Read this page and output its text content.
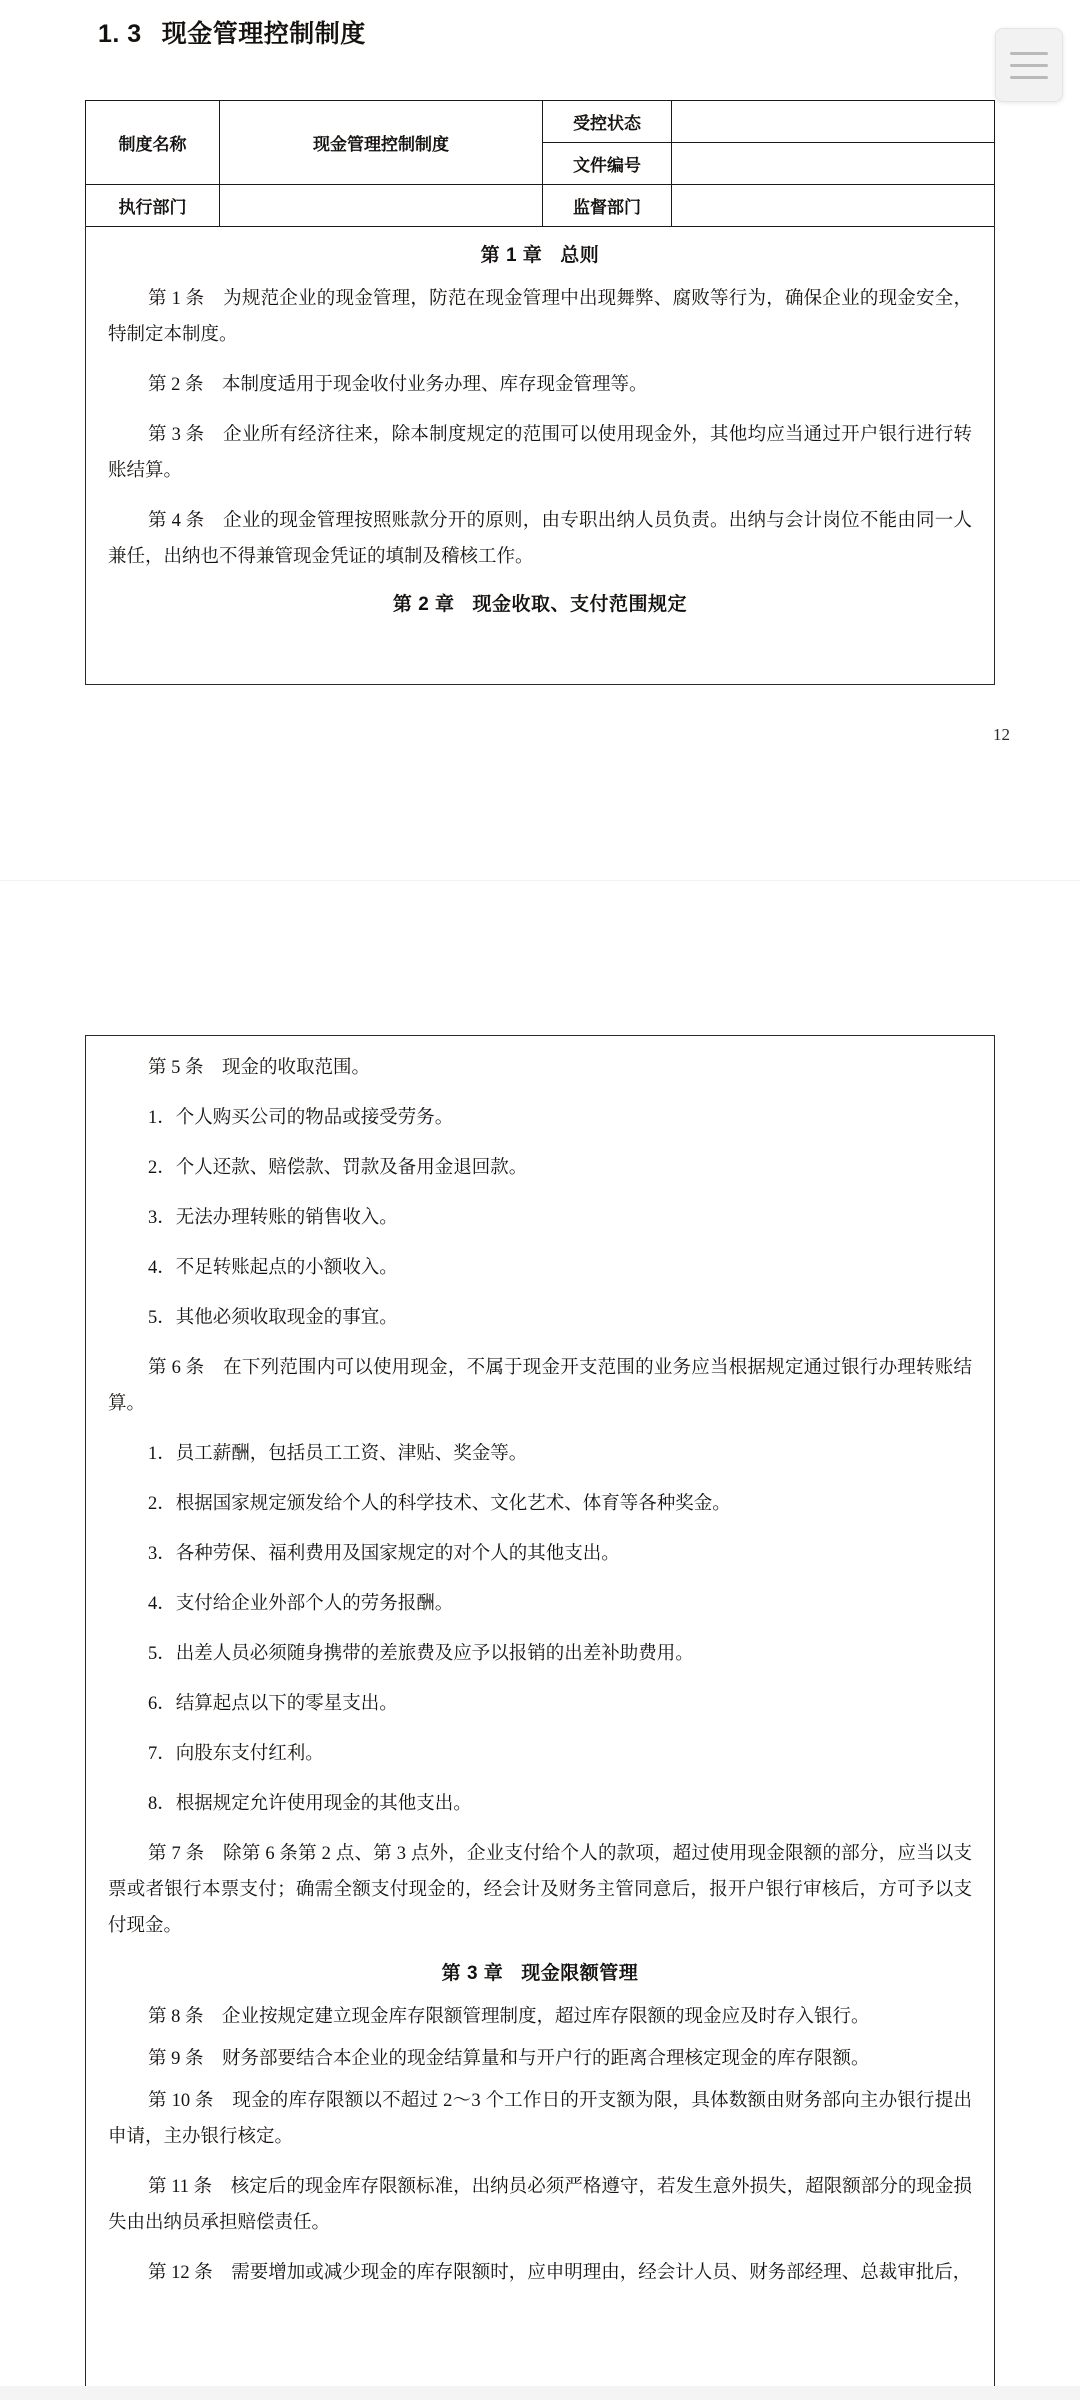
1. 3 现金管理控制制度
制度名称	现金管理控制制度	受控状态	
		文件编号	
执行部门		监督部门	
第 1 章 总则

第 1 条　为规范企业的现金管理，防范在现金管理中出现舞弊、腐败等行为，确保企业的现金安全，特制定本制度。

第 2 条　本制度适用于现金收付业务办理、库存现金管理等。

第 3 条　企业所有经济往来，除本制度规定的范围可以使用现金外，其他均应当通过开户银行进行转账结算。

第 4 条　企业的现金管理按照账款分开的原则，由专职出纳人员负责。出纳与会计岗位不能由同一人兼任，出纳也不得兼管现金凭证的填制及稽核工作。

第 2 章 现金收取、支付范围规定
12

第 5 条　现金的收取范围。

1．个人购买公司的物品或接受劳务。

2．个人还款、赔偿款、罚款及备用金退回款。

3．无法办理转账的销售收入。

4．不足转账起点的小额收入。

5．其他必须收取现金的事宜。

第 6 条　在下列范围内可以使用现金，不属于现金开支范围的业务应当根据规定通过银行办理转账结算。

1．员工薪酬，包括员工工资、津贴、奖金等。

2．根据国家规定颁发给个人的科学技术、文化艺术、体育等各种奖金。

3．各种劳保、福利费用及国家规定的对个人的其他支出。

4．支付给企业外部个人的劳务报酬。

5．出差人员必须随身携带的差旅费及应予以报销的出差补助费用。

6．结算起点以下的零星支出。

7．向股东支付红利。

8．根据规定允许使用现金的其他支出。

第 7 条　除第 6 条第 2 点、第 3 点外，企业支付给个人的款项，超过使用现金限额的部分，应当以支票或者银行本票支付；确需全额支付现金的，经会计及财务主管同意后，报开户银行审核后，方可予以支付现金。

第 3 章 现金限额管理

第 8 条　企业按规定建立现金库存限额管理制度，超过库存限额的现金应及时存入银行。

第 9 条　财务部要结合本企业的现金结算量和与开户行的距离合理核定现金的库存限额。

第 10 条　现金的库存限额以不超过 2～3 个工作日的开支额为限，具体数额由财务部向主办银行提出申请，主办银行核定。

第 11 条　核定后的现金库存限额标准，出纳员必须严格遵守，若发生意外损失，超限额部分的现金损失由出纳员承担赔偿责任。

第 12 条　需要增加或减少现金的库存限额时，应申明理由，经会计人员、财务部经理、总裁审批后，
